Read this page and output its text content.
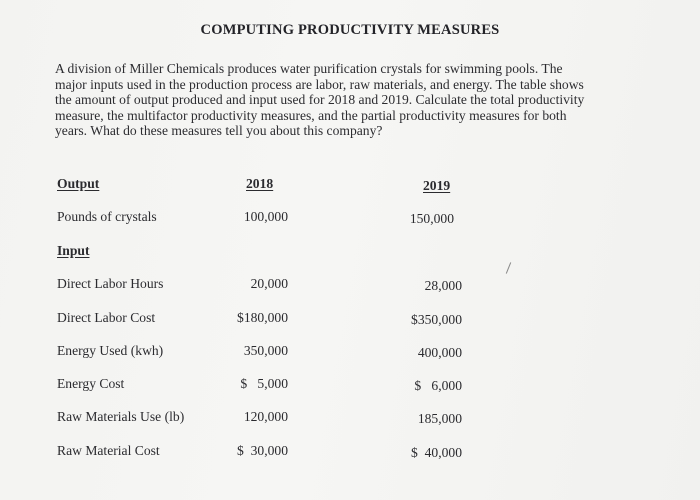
COMPUTING PRODUCTIVITY MEASURES
A division of Miller Chemicals produces water purification crystals for swimming pools. The
major inputs used in the production process are labor, raw materials, and energy. The table shows
the amount of output produced and input used for 2018 and 2019. Calculate the total productivity
measure, the multifactor productivity measures, and the partial productivity measures for both
years. What do these measures tell you about this company?
Output	2018	2019
Pounds of crystals	100,000	150,000
Input
Direct Labor Hours	20,000	28,000
Direct Labor Cost	$180,000	$350,000
Energy Used (kwh)	350,000	400,000
Energy Cost	$   5,000	$   6,000
Raw Materials Use (lb)	120,000	185,000
Raw Material Cost	$  30,000	$  40,000
